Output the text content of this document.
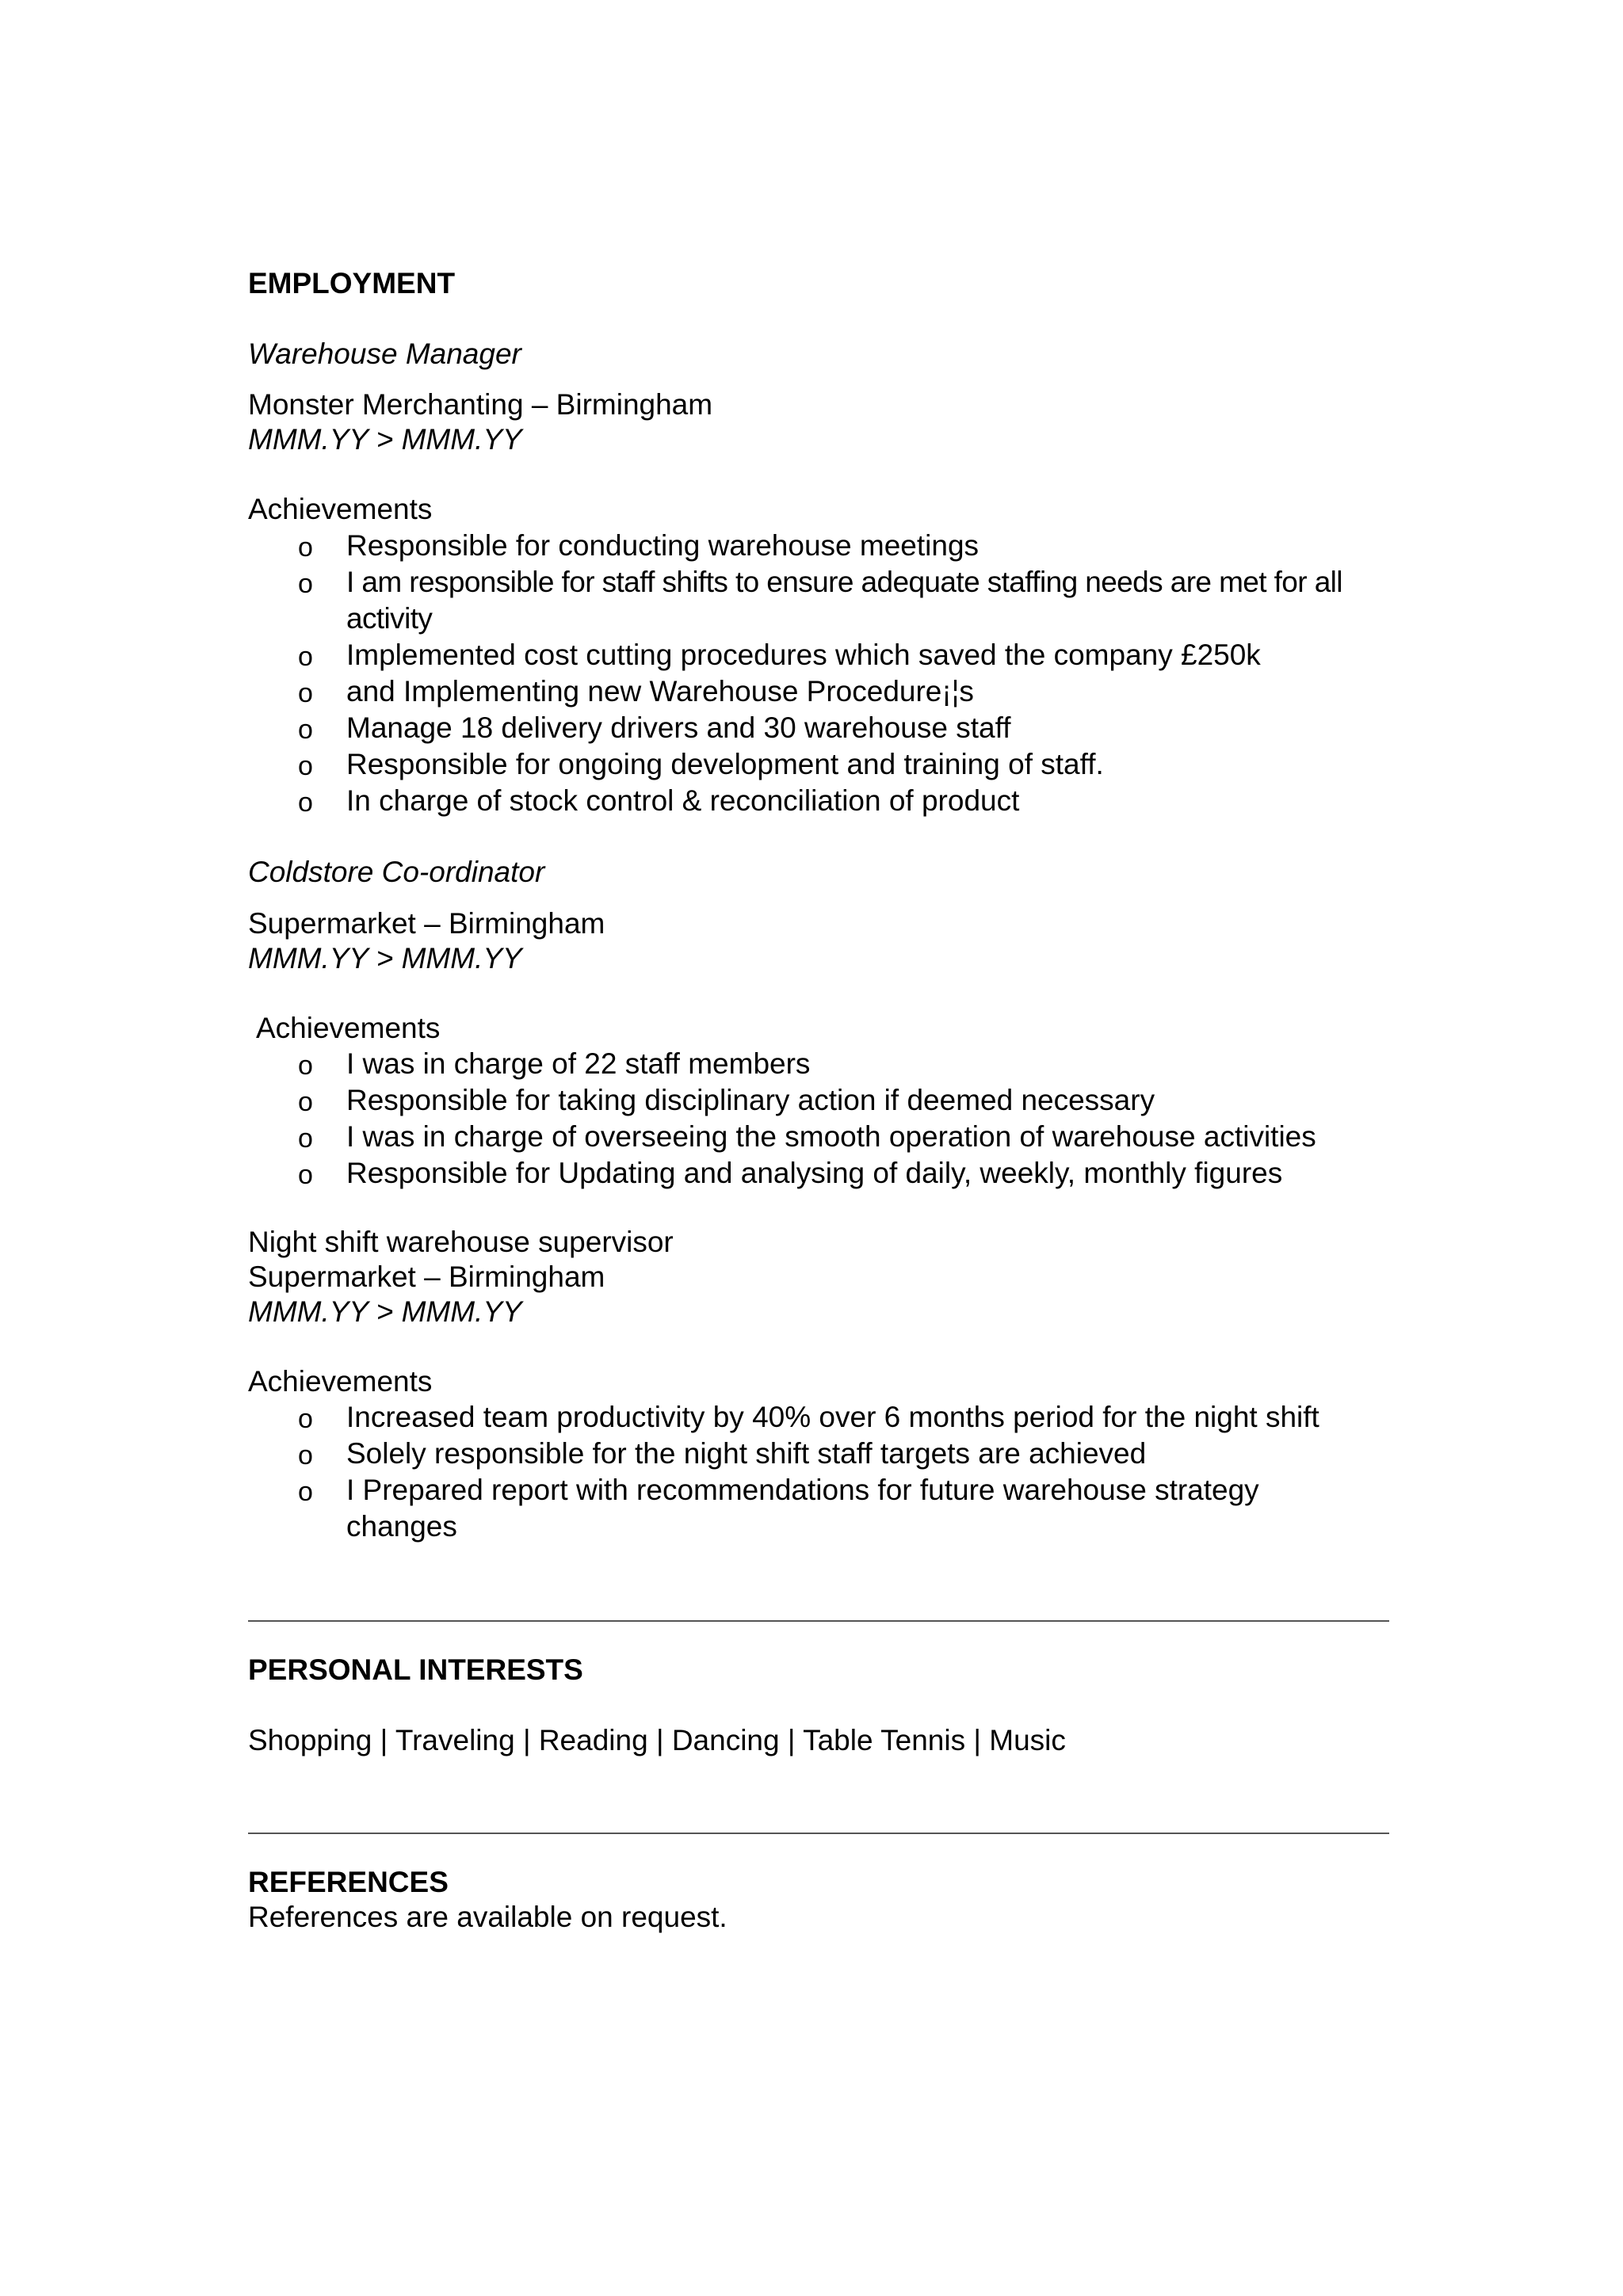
EMPLOYMENT

Warehouse Manager

Monster Merchanting – Birmingham

MMM.YY > MMM.YY

Achievements

o Responsible for conducting warehouse meetings
o I am responsible for staff shifts to ensure adequate staffing needs are met for all activity
o Implemented cost cutting procedures which saved the company £250k
o and Implementing new Warehouse Procedure¡¦s
o Manage 18 delivery drivers and 30 warehouse staff
o Responsible for ongoing development and training of staff.
o In charge of stock control & reconciliation of product

Coldstore Co-ordinator

Supermarket – Birmingham

MMM.YY > MMM.YY

Achievements

o I was in charge of 22 staff members
o Responsible for taking disciplinary action if deemed necessary
o I was in charge of overseeing the smooth operation of warehouse activities
o Responsible for Updating and analysing of daily, weekly, monthly figures

Night shift warehouse supervisor

Supermarket – Birmingham

MMM.YY > MMM.YY

Achievements

o Increased team productivity by 40% over 6 months period for the night shift
o Solely responsible for the night shift staff targets are achieved
o I Prepared report with recommendations for future warehouse strategy changes
PERSONAL INTERESTS

Shopping | Traveling | Reading | Dancing | Table Tennis | Music

REFERENCES

References are available on request.
